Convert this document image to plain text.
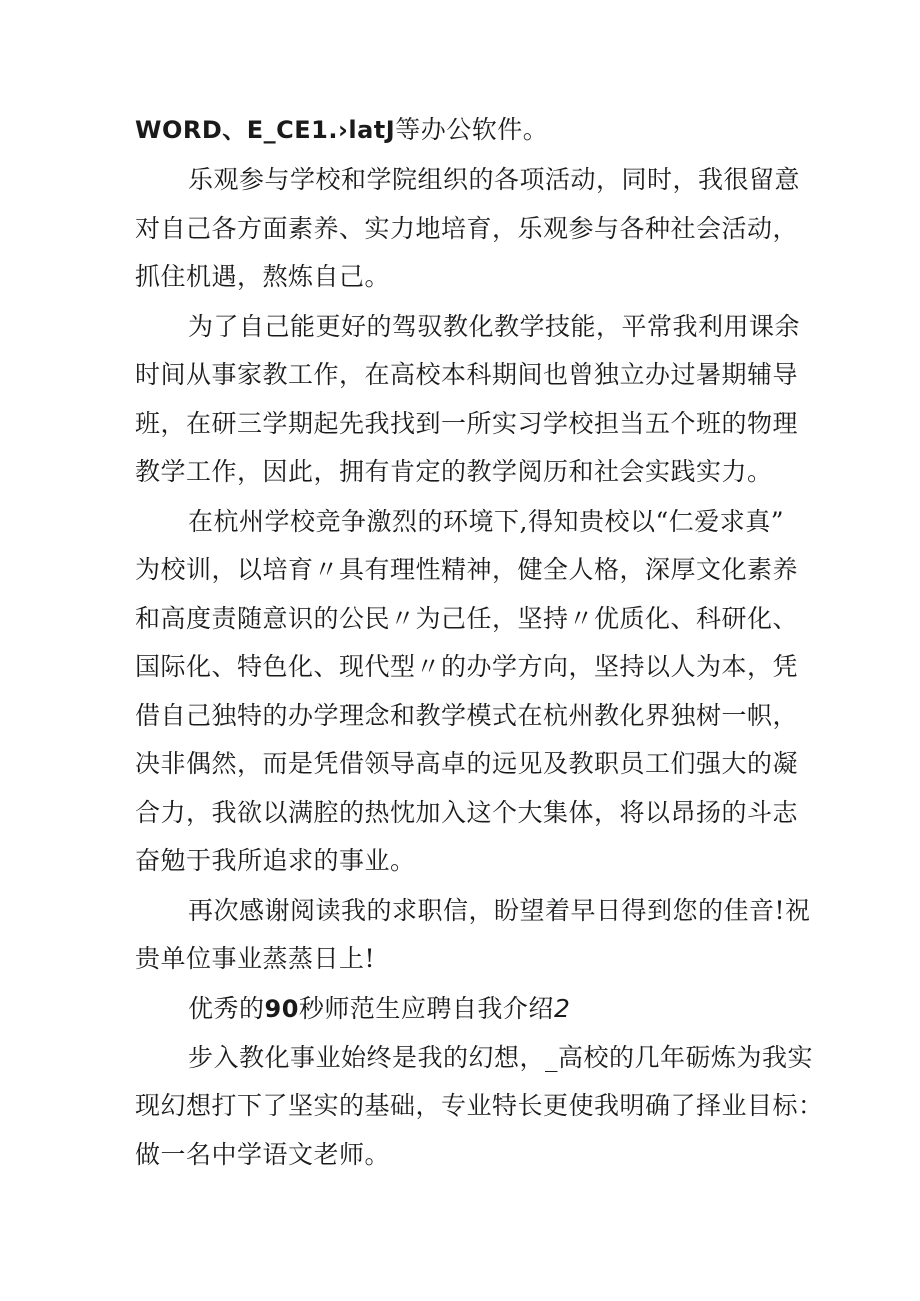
WORD、E_CE1.›latJ等办公软件。
乐观参与学校和学院组织的各项活动，同时，我很留意
对自己各方面素养、实力地培育，乐观参与各种社会活动，
抓住机遇，熬炼自己。
为了自己能更好的驾驭教化教学技能，平常我利用课余
时间从事家教工作，在高校本科期间也曾独立办过暑期辅导
班，在研三学期起先我找到一所实习学校担当五个班的物理
教学工作，因此，拥有肯定的教学阅历和社会实践实力。
在杭州学校竞争激烈的环境下,得知贵校以“仁爱求真”
为校训，以培育〃具有理性精神，健全人格，深厚文化素养
和高度责随意识的公民〃为己任，坚持〃优质化、科研化、
国际化、特色化、现代型〃的办学方向，坚持以人为本，凭
借自己独特的办学理念和教学模式在杭州教化界独树一帜，
决非偶然，而是凭借领导高卓的远见及教职员工们强大的凝
合力，我欲以满腔的热忱加入这个大集体，将以昂扬的斗志
奋勉于我所追求的事业。
再次感谢阅读我的求职信，盼望着早日得到您的佳音!祝
贵单位事业蒸蒸日上!
优秀的90秒师范生应聘自我介绍2
步入教化事业始终是我的幻想，_高校的几年砺炼为我实
现幻想打下了坚实的基础，专业特长更使我明确了择业目标：
做一名中学语文老师。
